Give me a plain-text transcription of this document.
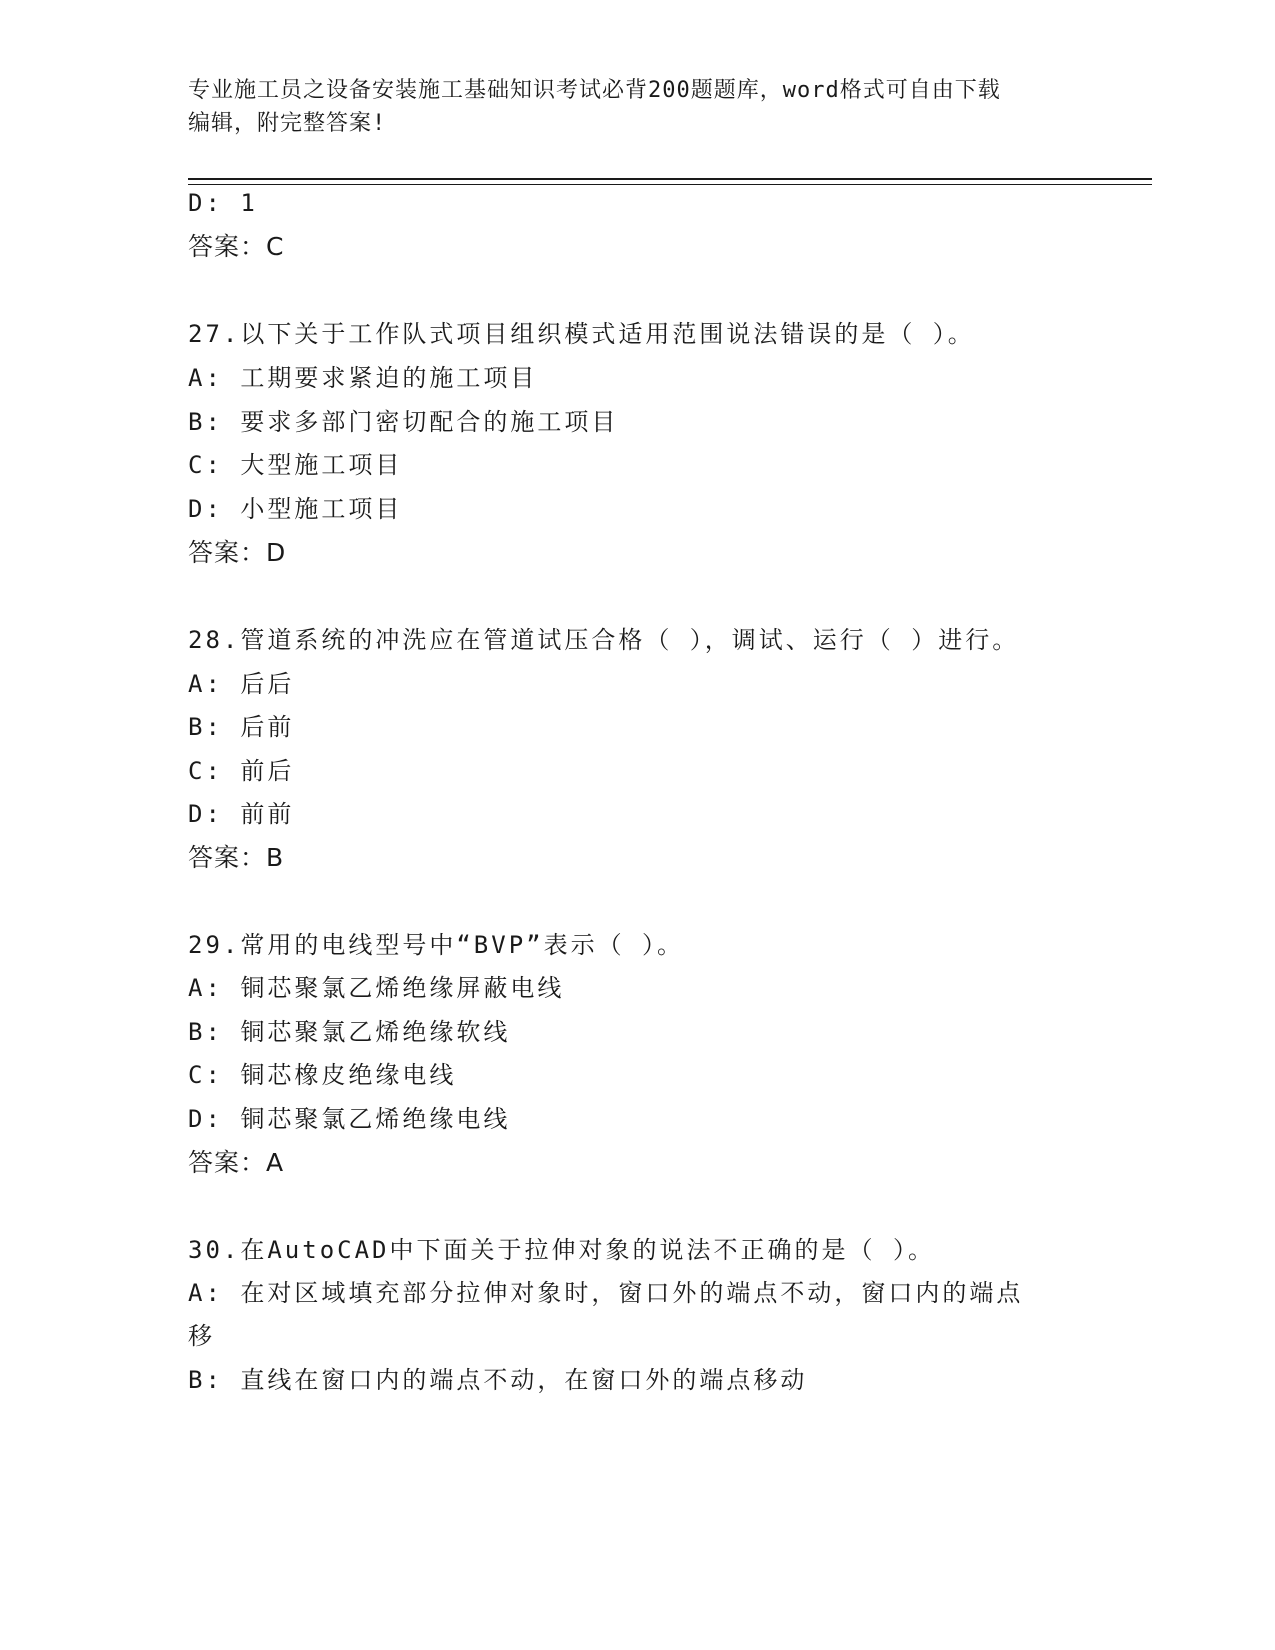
专业施工员之设备安装施工基础知识考试必背200题题库，word格式可自由下载
编辑，附完整答案!
D: 1
答案：C
27.以下关于工作队式项目组织模式适用范围说法错误的是（ ）。
A: 工期要求紧迫的施工项目
B: 要求多部门密切配合的施工项目
C: 大型施工项目
D: 小型施工项目
答案：D
28.管道系统的冲洗应在管道试压合格（ ），调试、运行（ ）进行。
A: 后后
B: 后前
C: 前后
D: 前前
答案：B
29.常用的电线型号中“BVP”表示（ ）。
A: 铜芯聚氯乙烯绝缘屏蔽电线
B: 铜芯聚氯乙烯绝缘软线
C: 铜芯橡皮绝缘电线
D: 铜芯聚氯乙烯绝缘电线
答案：A
30.在AutoCAD中下面关于拉伸对象的说法不正确的是（ ）。
A: 在对区域填充部分拉伸对象时，窗口外的端点不动，窗口内的端点
移
B: 直线在窗口内的端点不动，在窗口外的端点移动
